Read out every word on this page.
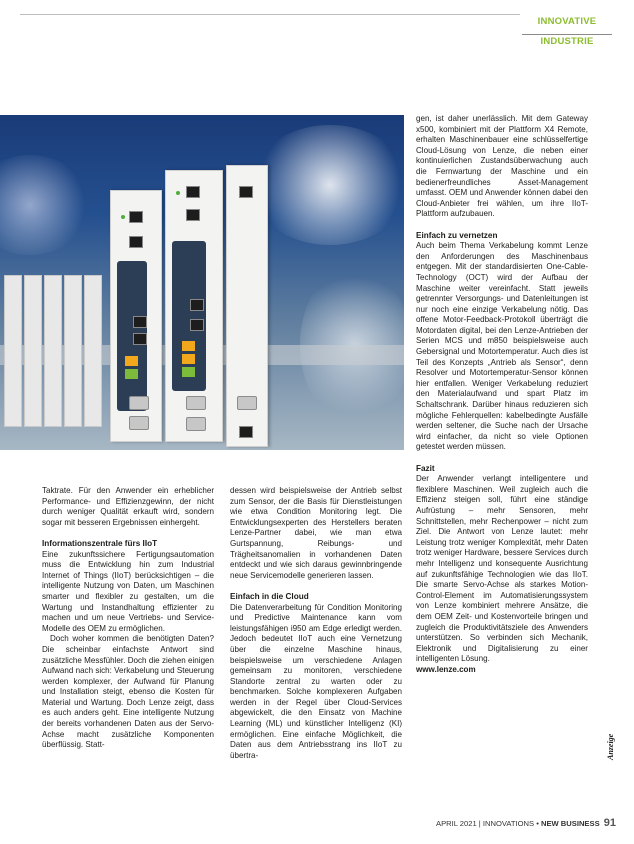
INNOVATIVE INDUSTRIE

Taktrate. Für den Anwender ein erheblicher Performance- und Effizienzgewinn, der nicht durch weniger Qualität erkauft wird, sondern sogar mit besseren Ergebnissen einhergeht.

Informationszentrale fürs IIoT

Eine zukunftssichere Fertigungsautomation muss die Entwicklung hin zum Industrial Internet of Things (IIoT) berücksichtigen – die intelligente Nutzung von Daten, um Maschinen smarter und flexibler zu gestalten, um die Wartung und Instandhaltung effizienter zu machen und um neue Vertriebs- und Service-Modelle des OEM zu ermöglichen.

Doch woher kommen die benötigten Daten? Die scheinbar einfachste Antwort sind zusätzliche Messfühler. Doch die ziehen einigen Aufwand nach sich: Verkabelung und Steuerung werden komplexer, der Aufwand für Planung und Installation steigt, ebenso die Kosten für Material und Wartung. Doch Lenze zeigt, dass es auch anders geht. Eine intelligente Nutzung der bereits vorhandenen Daten aus der Servo-Achse macht zusätzliche Komponenten überflüssig. Statt-

dessen wird beispielsweise der Antrieb selbst zum Sensor, der die Basis für Dienstleistungen wie etwa Condition Monitoring legt. Die Entwicklungsexperten des Herstellers beraten Lenze-Partner dabei, wie man etwa Gurtspannung, Reibungs- und Trägheitsanomalien in vorhandenen Daten entdeckt und wie sich daraus gewinnbringende neue Servicemodelle generieren lassen.

Einfach in die Cloud

Die Datenverarbeitung für Condition Monitoring und Predictive Maintenance kann vom leistungsfähigen i950 am Edge erledigt werden. Jedoch bedeutet IIoT auch eine Vernetzung über die einzelne Maschine hinaus, beispielsweise um verschiedene Anlagen gemeinsam zu monitoren, verschiedene Standorte zentral zu warten oder zu benchmarken. Solche komplexeren Aufgaben werden in der Regel über Cloud-Services abgewickelt, die den Einsatz von Machine Learning (ML) und künstlicher Intelligenz (KI) ermöglichen. Eine einfache Möglichkeit, die Daten aus dem Antriebsstrang ins IIoT zu übertra-

gen, ist daher unerlässlich. Mit dem Gateway x500, kombiniert mit der Plattform X4 Remote, erhalten Maschinenbauer eine schlüsselfertige Cloud-Lösung von Lenze, die neben einer kontinuierlichen Zustandsüberwachung auch die Fernwartung der Maschine und ein bedienerfreundliches Asset-Management umfasst. OEM und Anwender können dabei den Cloud-Anbieter frei wählen, um ihre IIoT-Plattform aufzubauen.

Einfach zu vernetzen

Auch beim Thema Verkabelung kommt Lenze den Anforderungen des Maschinenbaus entgegen. Mit der standardisierten One-Cable-Technology (OCT) wird der Aufbau der Maschine weiter vereinfacht. Statt jeweils getrennter Versorgungs- und Datenleitungen ist nur noch eine einzige Verkabelung nötig. Das offene Motor-Feedback-Protokoll überträgt die Motordaten digital, bei den Lenze-Antrieben der Serien MCS und m850 beispielsweise auch Gebersignal und Motortemperatur. Auch dies ist Teil des Konzepts „Antrieb als Sensor“, denn Resolver und Motortemperatur-Sensor können hier entfallen. Weniger Verkabelung reduziert den Materialaufwand und spart Platz im Schaltschrank. Darüber hinaus reduzieren sich mögliche Fehlerquellen: kabelbedingte Ausfälle werden seltener, die Suche nach der Ursache wird einfacher, da nicht so viele Optionen getestet werden müssen.

Fazit

Der Anwender verlangt intelligentere und flexiblere Maschinen. Weil zugleich auch die Effizienz steigen soll, führt eine ständige Aufrüstung – mehr Sensoren, mehr Schnittstellen, mehr Rechenpower – nicht zum Ziel. Die Antwort von Lenze lautet: mehr Leistung trotz weniger Komplexität, mehr Daten trotz weniger Hardware, bessere Services durch mehr Intelligenz und konsequente Ausrichtung auf zukunftsfähige Technologien wie das IIoT. Die smarte Servo-Achse als starkes Motion-Control-Element im Automatisierungssystem von Lenze kombiniert mehrere Ansätze, die dem OEM Zeit- und Kostenvorteile bringen und zugleich die Produktivitätsziele des Anwenders unterstützen. So verbinden sich Mechanik, Elektronik und Digitalisierung zu einer intelligenten Lösung.

www.lenze.com

Anzeige
APRIL 2021 | INNOVATIONS • NEW BUSINESS 91
